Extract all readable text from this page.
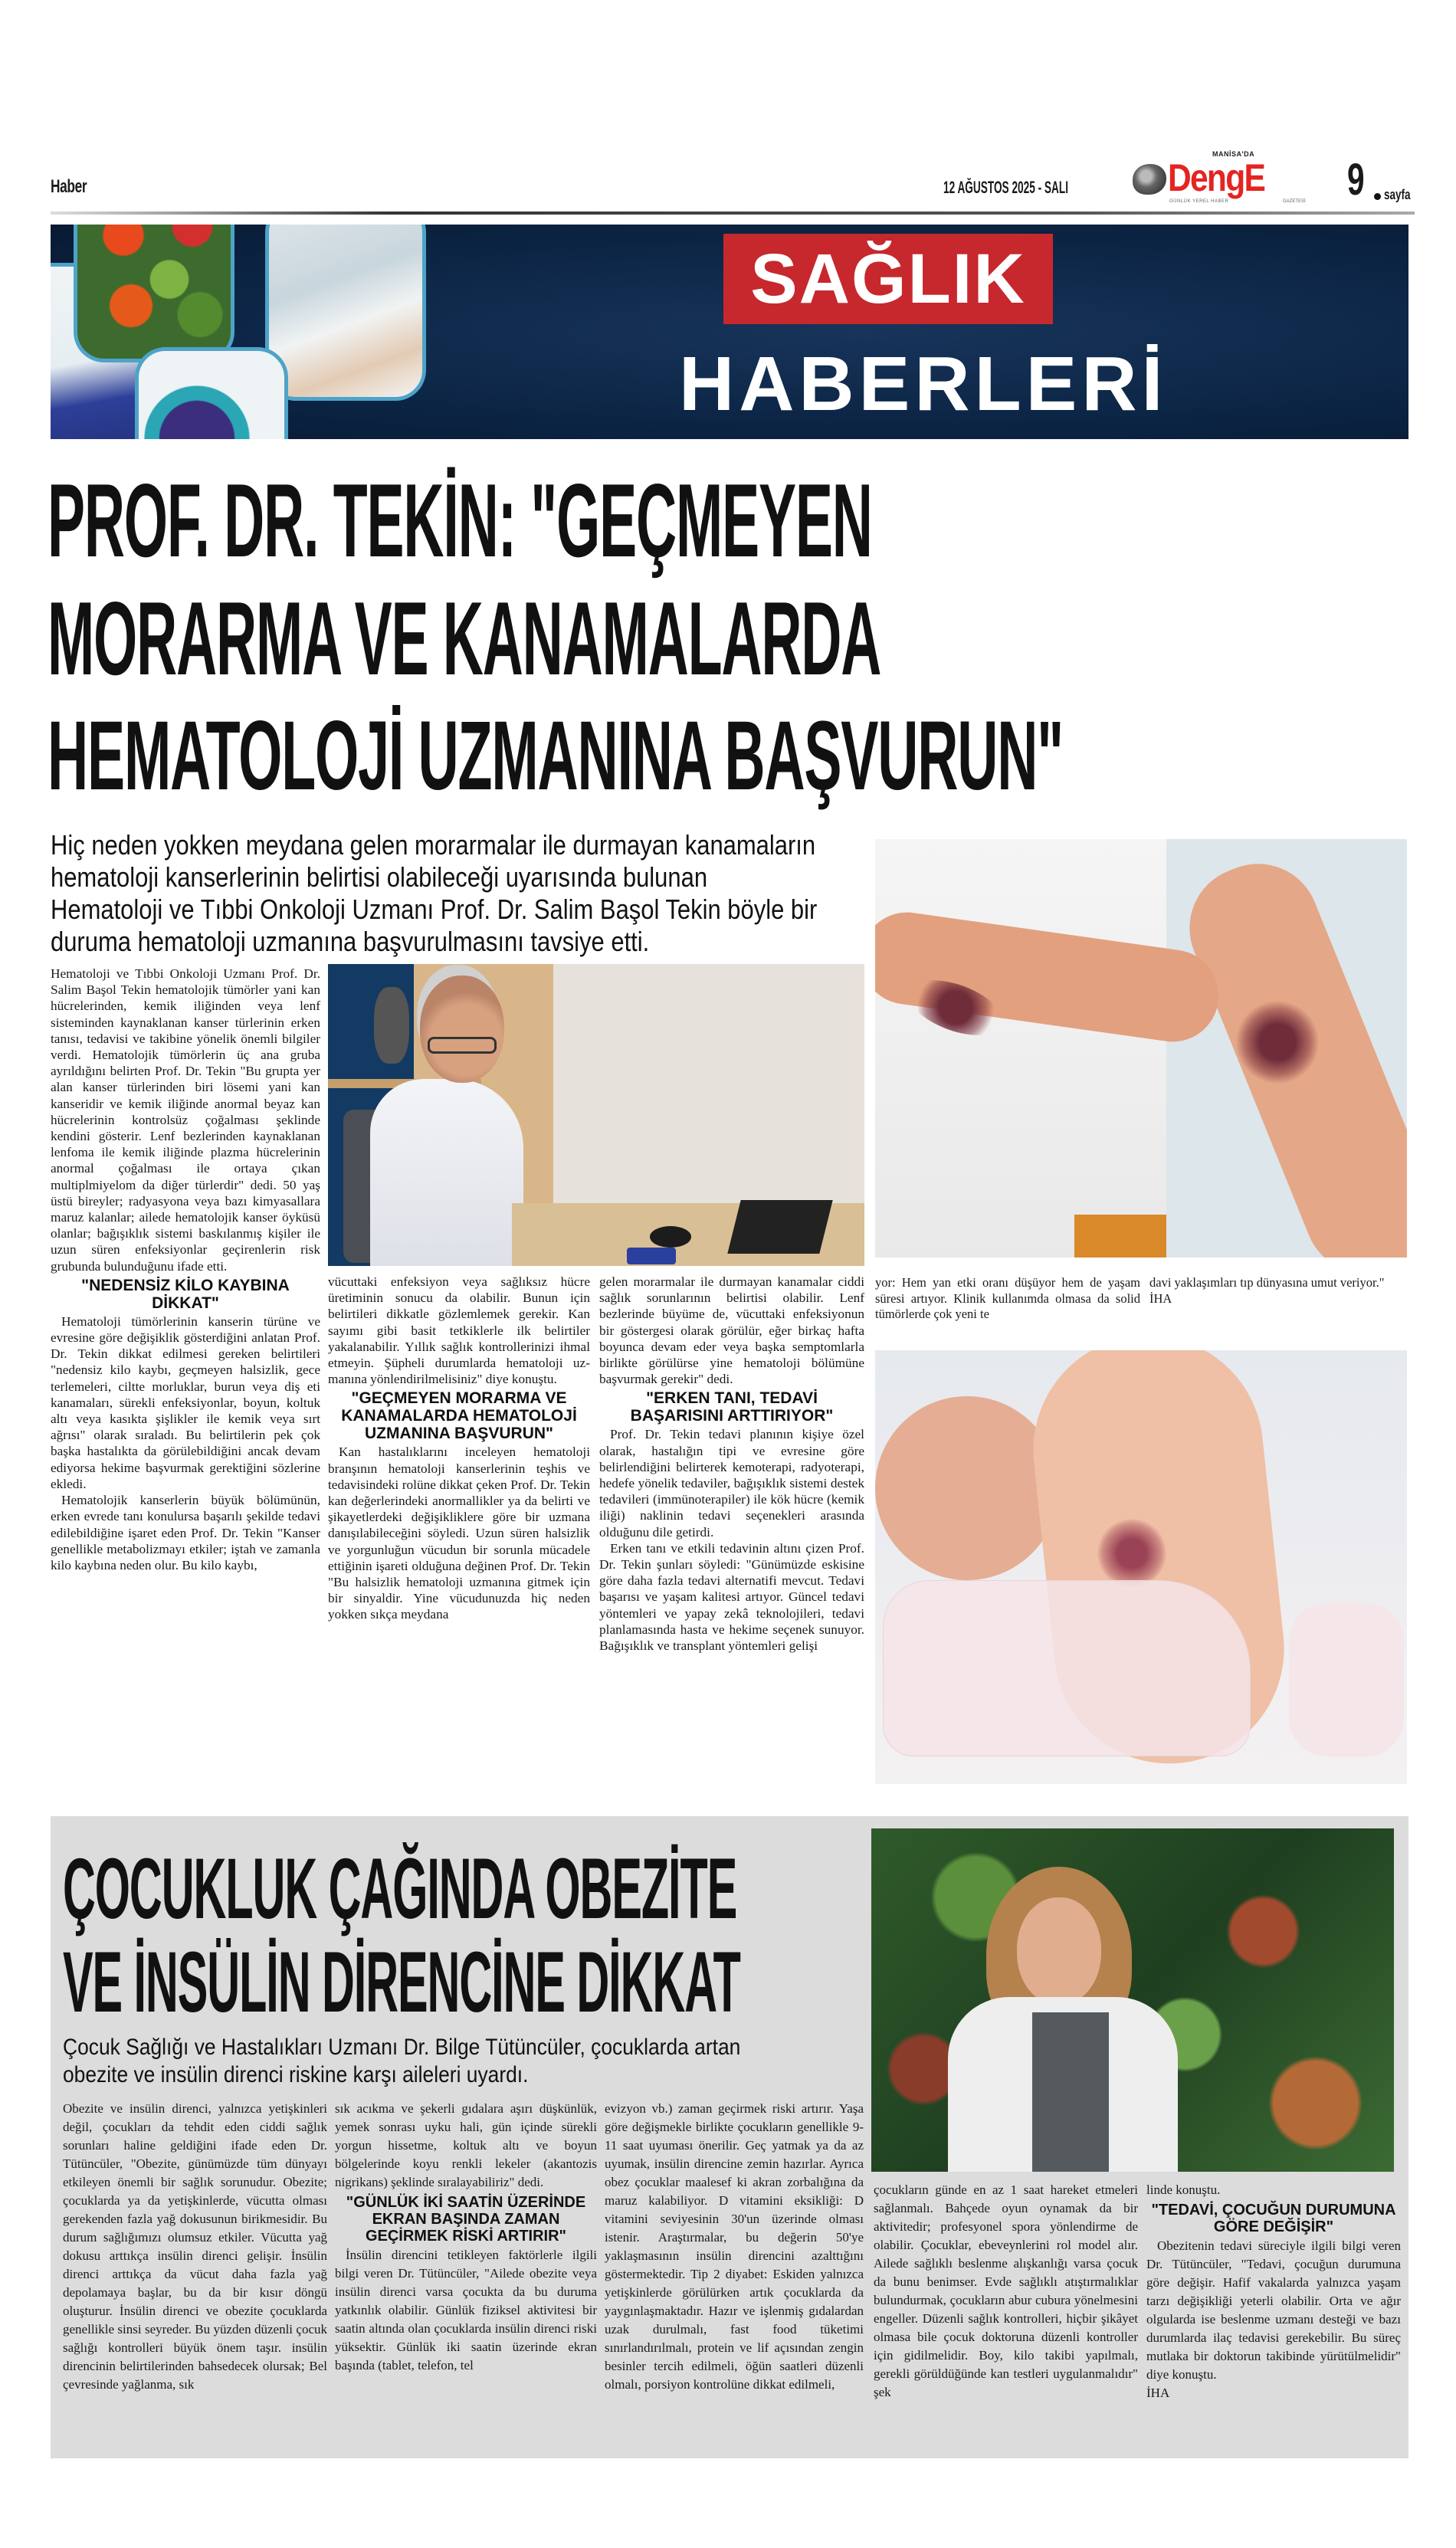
Haber	12 AĞUSTOS 2025 - SALI
MANİSA'DA
DengE
GÜNLÜK YEREL HABER	GAZETESİ 9 sayfa
SAĞLIK
HABERLERİ
PROF. DR. TEKİN: "GEÇMEYEN
MORARMA VE KANAMALARDA
HEMATOLOJİ UZMANINA BAŞVURUN"
Hiç neden yokken meydana gelen morarmalar ile durmayan kanamaların
hematoloji kanserlerinin belirtisi olabileceği uyarısında bulunan
Hematoloji ve Tıbbi Onkoloji Uzmanı Prof. Dr. Salim Başol Tekin böyle bir
duruma hematoloji uzmanına başvurulmasını tavsiye etti.

Hematoloji ve Tıbbi Onkoloji Uzmanı Prof. Dr. Salim Başol Tekin hematolojik tümörler yani kan hücrelerinden, kemik iliğinden veya lenf sisteminden kaynaklanan kanser türlerinin erken tanısı, tedavisi ve takibine yönelik önemli bilgiler verdi. Hematolojik tümörlerin üç ana gruba ayrıldığını belirten Prof. Dr. Tekin "Bu grupta yer alan kanser türlerinden biri lösemi yani kan kanseridir ve kemik iliğinde anormal beyaz kan hücrelerinin kontrolsüz çoğalması şeklinde kendini gösterir. Lenf bezlerinden kaynaklanan lenfoma ile kemik iliğinde plazma hücrelerinin anormal çoğalması ile ortaya çıkan multiplmiyelom da diğer türlerdir" dedi. 50 yaş üstü bireyler; radyasyona veya bazı kimyasallara maruz kalanlar; ailede hematolojik kanser öyküsü olanlar; bağışıklık sistemi baskılanmış kişiler ile uzun süren enfeksiyonlar geçirenlerin risk grubunda bulunduğunu ifade etti.

"NEDENSİZ KİLO KAYBINA DİKKAT"

Hematoloji tümörlerinin kanserin türüne ve evresine göre değişiklik gösterdiğini anlatan Prof. Dr. Tekin dikkat edilmesi gereken belirtileri "nedensiz kilo kaybı, geçmeyen halsizlik, gece terlemeleri, ciltte morluklar, burun veya diş eti kanamaları, sürekli enfeksiyonlar, boyun, koltuk altı veya kasıkta şişlikler ile kemik veya sırt ağrısı" olarak sıraladı. Bu belirtilerin pek çok başka hastalıkta da görülebildiğini ancak devam ediyorsa hekime başvurmak gerektiğini sözlerine ekledi.

Hematolojik kanserlerin büyük bölümünün, erken evrede tanı konulursa başarılı şekilde tedavi edilebildiğine işaret eden Prof. Dr. Tekin "Kanser genellikle metabolizmayı etkiler; iştah ve zamanla kilo kaybına neden olur. Bu kilo kaybı,

vücuttaki enfeksiyon veya sağlıksız hücre üretiminin sonucu da olabilir. Bunun için belirtileri dikkatle gözlemlemek gerekir. Kan sayımı gibi basit tetkiklerle ilk belirtiler yakalanabilir. Yıllık sağlık kontrollerinizi ihmal etmeyin. Şüpheli durumlarda hematoloji uzmanına yönlendirilmelisiniz" diye konuştu.

"GEÇMEYEN MORARMA VE KANAMALARDA HEMATOLOJİ UZMANINA BAŞVURUN"

Kan hastalıklarını inceleyen hematoloji branşının hematoloji kanserlerinin teşhis ve tedavisindeki rolüne dikkat çeken Prof. Dr. Tekin kan değerlerindeki anormallikler ya da belirti ve şikayetlerdeki değişikliklere göre bir uzmana danışılabileceğini söyledi. Uzun süren halsizlik ve yorgunluğun vücudun bir sorunla mücadele ettiğinin işareti olduğuna değinen Prof. Dr. Tekin "Bu halsizlik hematoloji uzmanına gitmek için bir sinyaldir. Yine vücudunuzda hiç neden yokken sıkça meydana

gelen morarmalar ile durmayan kanamalar ciddi sağlık sorunlarının belirtisi olabilir. Lenf bezlerinde büyüme de, vücuttaki enfeksiyonun bir göstergesi olarak görülür, eğer birkaç hafta boyunca devam eder veya başka semptomlarla birlikte görülürse yine hematoloji bölümüne başvurmak gerekir" dedi.

"ERKEN TANI, TEDAVİ BAŞARISINI ARTTIRIYOR"

Prof. Dr. Tekin tedavi planının kişiye özel olarak, hastalığın tipi ve evresine göre belirlendiğini belirterek kemoterapi, radyoterapi, hedefe yönelik tedaviler, bağışıklık sistemi destek tedavileri (immünoterapiler) ile kök hücre (kemik iliği) naklinin tedavi seçenekleri arasında olduğunu dile getirdi.

Erken tanı ve etkili tedavinin altını çizen Prof. Dr. Tekin şunları söyledi: "Günümüzde eskisine göre daha fazla tedavi alternatifi mevcut. Tedavi başarısı ve yaşam kalitesi artıyor. Güncel tedavi yöntemleri ve yapay zekâ teknolojileri, tedavi planlamasında hasta ve hekime seçenek sunuyor. Bağışıklık ve transplant yöntemleri gelişi

yor: Hem yan etki oranı düşüyor hem de yaşam süresi artıyor. Klinik kullanımda olmasa da solid tümörlerde çok yeni te

davi yaklaşımları tıp dünyasına umut veriyor."

İHA
ÇOCUKLUK ÇAĞINDA OBEZİTE
VE İNSÜLİN DİRENCİNE DİKKAT
Çocuk Sağlığı ve Hastalıkları Uzmanı Dr. Bilge Tütüncüler, çocuklarda artan
obezite ve insülin direnci riskine karşı aileleri uyardı.

Obezite ve insülin direnci, yalnızca yetişkinleri değil, çocukları da tehdit eden ciddi sağlık sorunları haline geldiğini ifade eden Dr. Tütüncüler, "Obezite, günümüzde tüm dünyayı etkileyen önemli bir sağlık sorunudur. Obezite; çocuklarda ya da yetişkinlerde, vücutta olması gerekenden fazla yağ dokusunun birikmesidir. Bu durum sağlığımızı olumsuz etkiler. Vücutta yağ dokusu arttıkça insülin direnci gelişir. İnsülin direnci arttıkça da vücut daha fazla yağ depolamaya başlar, bu da bir kısır döngü oluşturur. İnsülin direnci ve obezite çocuklarda genellikle sinsi seyreder. Bu yüzden düzenli çocuk sağlığı kontrolleri büyük önem taşır. insülin direncinin belirtilerinden bahsedecek olursak; Bel çevresinde yağlanma, sık

sık acıkma ve şekerli gıdalara aşırı düşkünlük, yemek sonrası uyku hali, gün içinde sürekli yorgun hissetme, koltuk altı ve boyun bölgelerinde koyu renkli lekeler (akantozis nigrikans) şeklinde sıralayabiliriz" dedi.

"GÜNLÜK İKİ SAATİN ÜZERİNDE EKRAN BAŞINDA ZAMAN GEÇİRMEK RİSKİ ARTIRIR"

İnsülin direncini tetikleyen faktörlerle ilgili bilgi veren Dr. Tütüncüler, "Ailede obezite veya insülin direnci varsa çocukta da bu duruma yatkınlık olabilir. Günlük fiziksel aktivitesi bir saatin altında olan çocuklarda insülin direnci riski yüksektir. Günlük iki saatin üzerinde ekran başında (tablet, telefon, tel

evizyon vb.) zaman geçirmek riski artırır. Yaşa göre değişmekle birlikte çocukların genellikle 9-11 saat uyuması önerilir. Geç yatmak ya da az uyumak, insülin direncine zemin hazırlar. Ayrıca obez çocuklar maalesef ki akran zorbalığına da maruz kalabiliyor. D vitamini eksikliği: D vitamini seviyesinin 30'un üzerinde olması istenir. Araştırmalar, bu değerin 50'ye yaklaşmasının insülin direncini azalttığını göstermektedir. Tip 2 diyabet: Eskiden yalnızca yetişkinlerde görülürken artık çocuklarda da yaygınlaşmaktadır. Hazır ve işlenmiş gıdalardan uzak durulmalı, fast food tüketimi sınırlandırılmalı, protein ve lif açısından zengin besinler tercih edilmeli, öğün saatleri düzenli olmalı, porsiyon kontrolüne dikkat edilmeli,

çocukların günde en az 1 saat hareket etmeleri sağlanmalı. Bahçede oyun oynamak da bir aktivitedir; profesyonel spora yönlendirme de olabilir. Çocuklar, ebeveynlerini rol model alır. Ailede sağlıklı beslenme alışkanlığı varsa çocuk da bunu benimser. Evde sağlıklı atıştırmalıklar bulundurmak, çocukların abur cubura yönelmesini engeller. Düzenli sağlık kontrolleri, hiçbir şikâyet olmasa bile çocuk doktoruna düzenli kontroller için gidilmelidir. Boy, kilo takibi yapılmalı, gerekli görüldüğünde kan testleri uygulanmalıdır" şek

linde konuştu.

"TEDAVİ, ÇOCUĞUN DURUMUNA GÖRE DEĞİŞİR"

Obezitenin tedavi süreciyle ilgili bilgi veren Dr. Tütüncüler, "Tedavi, çocuğun durumuna göre değişir. Hafif vakalarda yalnızca yaşam tarzı değişikliği yeterli olabilir. Orta ve ağır olgularda ise beslenme uzmanı desteği ve bazı durumlarda ilaç tedavisi gerekebilir. Bu süreç mutlaka bir doktorun takibinde yürütülmelidir" diye konuştu.

İHA
